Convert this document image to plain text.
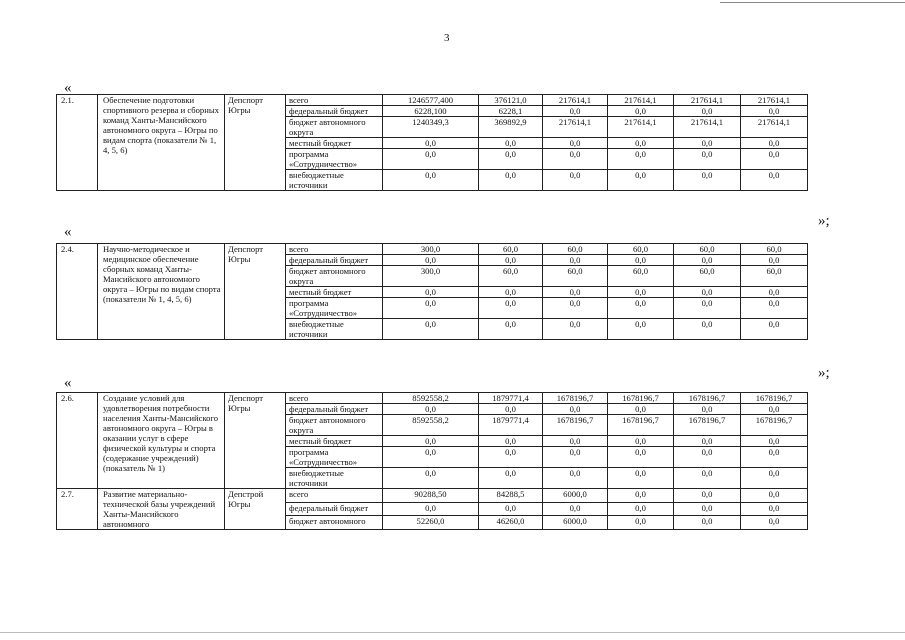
3
«
«
»;
«
»;
2.1.	Обеспечение подготовки спортивного резерва и сборных команд Ханты-Мансийского автономного округа – Югры по видам спорта (показатели № 1, 4, 5, 6)	Депспорт Югры	всего	1246577,400	376121,0	217614,1	217614,1	217614,1	217614,1
			федеральный бюджет	6228,100	6228,1	0,0	0,0	0,0	0,0
			бюджет автономного округа	1240349,3	369892,9	217614,1	217614,1	217614,1	217614,1
			местный бюджет	0,0	0,0	0,0	0,0	0,0	0,0
			программа «Сотрудничество»	0,0	0,0	0,0	0,0	0,0	0,0
			внебюджетные источники	0,0	0,0	0,0	0,0	0,0	0,0
2.4.	Научно-методическое и медицинское обеспечение сборных команд Ханты-Мансийского автономного округа – Югры по видам спорта (показатели № 1, 4, 5, 6)	Депспорт Югры	всего	300,0	60,0	60,0	60,0	60,0	60,0
			федеральный бюджет	0,0	0,0	0,0	0,0	0,0	0,0
			бюджет автономного округа	300,0	60,0	60,0	60,0	60,0	60,0
			местный бюджет	0,0	0,0	0,0	0,0	0,0	0,0
			программа «Сотрудничество»	0,0	0,0	0,0	0,0	0,0	0,0
			внебюджетные источники	0,0	0,0	0,0	0,0	0,0	0,0
2.6.	Создание условий для удовлетворения потребности населения Ханты-Мансийского автономного округа – Югры в оказании услуг в сфере физической культуры и спорта (содержание учреждений) (показатель № 1)	Депспорт Югры	всего	8592558,2	1879771,4	1678196,7	1678196,7	1678196,7	1678196,7
			федеральный бюджет	0,0	0,0	0,0	0,0	0,0	0,0
			бюджет автономного округа	8592558,2	1879771,4	1678196,7	1678196,7	1678196,7	1678196,7
			местный бюджет	0,0	0,0	0,0	0,0	0,0	0,0
			программа «Сотрудничество»	0,0	0,0	0,0	0,0	0,0	0,0
			внебюджетные источники	0,0	0,0	0,0	0,0	0,0	0,0
2.7.	Развитие материально-технической базы учреждений Ханты-Мансийского автономного	Депстрой Югры	всего	90288,50	84288,5	6000,0	0,0	0,0	0,0
			федеральный бюджет	0,0	0,0	0,0	0,0	0,0	0,0
			бюджет автономного	52260,0	46260,0	6000,0	0,0	0,0	0,0
